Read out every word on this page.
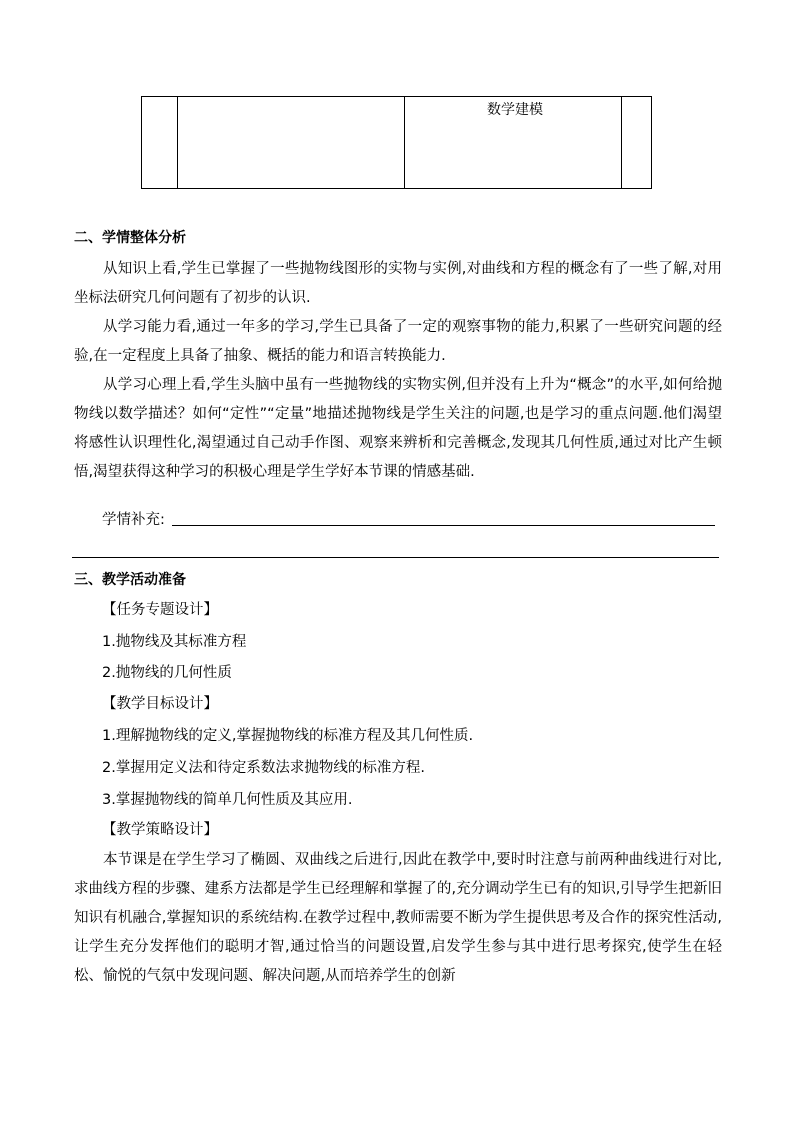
数学建模
二、学情整体分析
从知识上看,学生已掌握了一些抛物线图形的实物与实例,对曲线和方程的概念有了一些了解,对用坐标法研究几何问题有了初步的认识.
从学习能力看,通过一年多的学习,学生已具备了一定的观察事物的能力,积累了一些研究问题的经验,在一定程度上具备了抽象、概括的能力和语言转换能力.
从学习心理上看,学生头脑中虽有一些抛物线的实物实例,但并没有上升为“概念”的水平,如何给抛物线以数学描述？如何“定性”“定量”地描述抛物线是学生关注的问题,也是学习的重点问题.他们渴望将感性认识理性化,渴望通过自己动手作图、观察来辨析和完善概念,发现其几何性质,通过对比产生顿悟,渴望获得这种学习的积极心理是学生学好本节课的情感基础.
学情补充:
三、教学活动准备
【任务专题设计】
1.抛物线及其标准方程
2.抛物线的几何性质
【教学目标设计】
1.理解抛物线的定义,掌握抛物线的标准方程及其几何性质.
2.掌握用定义法和待定系数法求抛物线的标准方程.
3.掌握抛物线的简单几何性质及其应用.
【教学策略设计】
本节课是在学生学习了椭圆、双曲线之后进行,因此在教学中,要时时注意与前两种曲线进行对比,求曲线方程的步骤、建系方法都是学生已经理解和掌握了的,充分调动学生已有的知识,引导学生把新旧知识有机融合,掌握知识的系统结构.在教学过程中,教师需要不断为学生提供思考及合作的探究性活动,让学生充分发挥他们的聪明才智,通过恰当的问题设置,启发学生参与其中进行思考探究,使学生在轻松、愉悦的气氛中发现问题、解决问题,从而培养学生的创新
